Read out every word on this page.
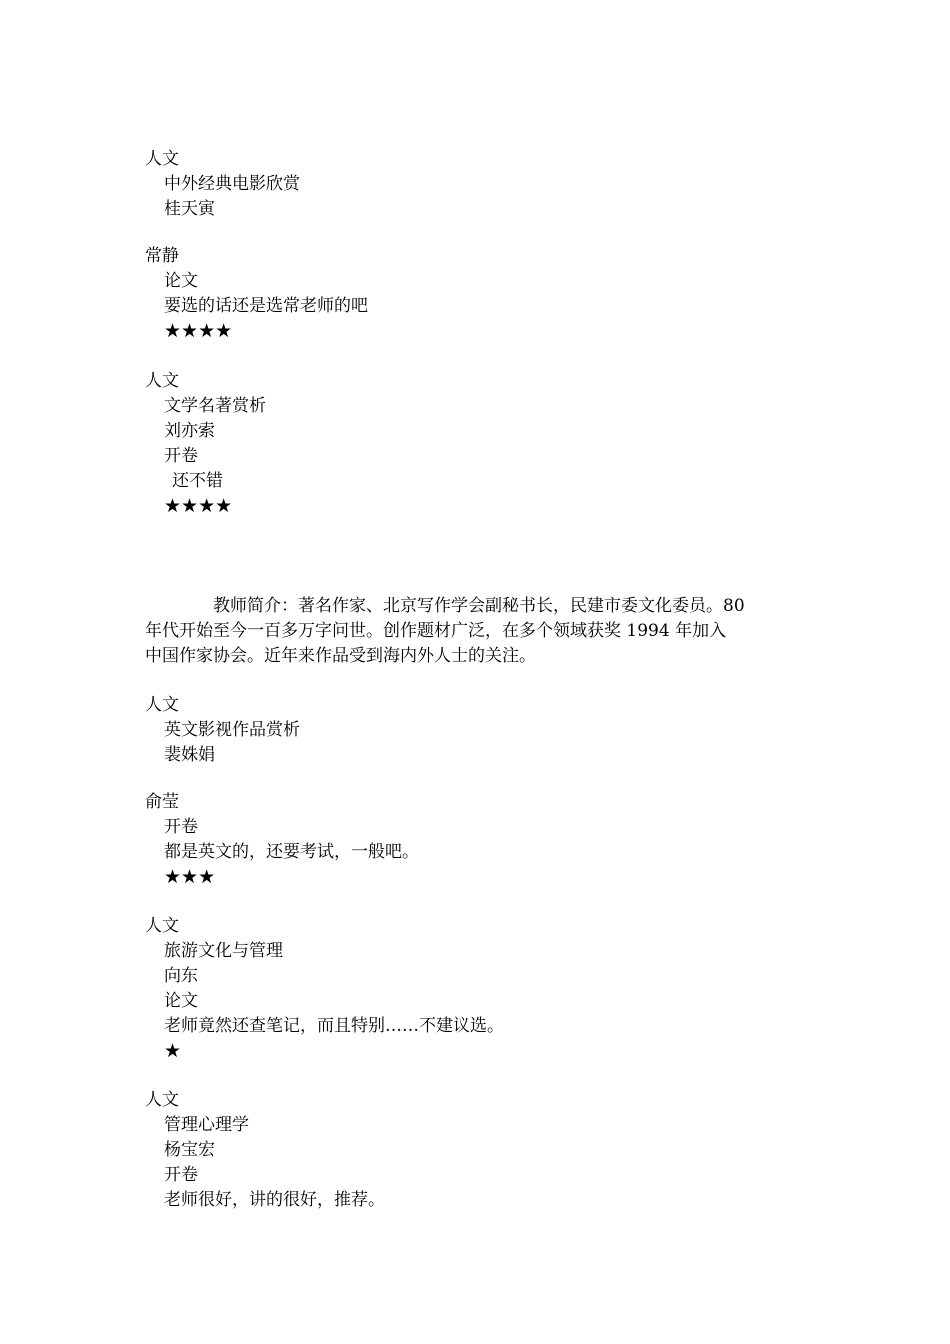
人文
中外经典电影欣赏
桂天寅
常静
论文
要选的话还是选常老师的吧
★★★★
人文
文学名著赏析
刘亦索
开卷
还不错
★★★★
教师简介：著名作家、北京写作学会副秘书长，民建市委文化委员。80
年代开始至今一百多万字问世。创作题材广泛，在多个领域获奖 1994 年加入
中国作家协会。近年来作品受到海内外人士的关注。
人文
英文影视作品赏析
裴姝娟
俞莹
开卷
都是英文的，还要考试，一般吧。
★★★
人文
旅游文化与管理
向东
论文
老师竟然还查笔记，而且特别……不建议选。
★
人文
管理心理学
杨宝宏
开卷
老师很好，讲的很好，推荐。
